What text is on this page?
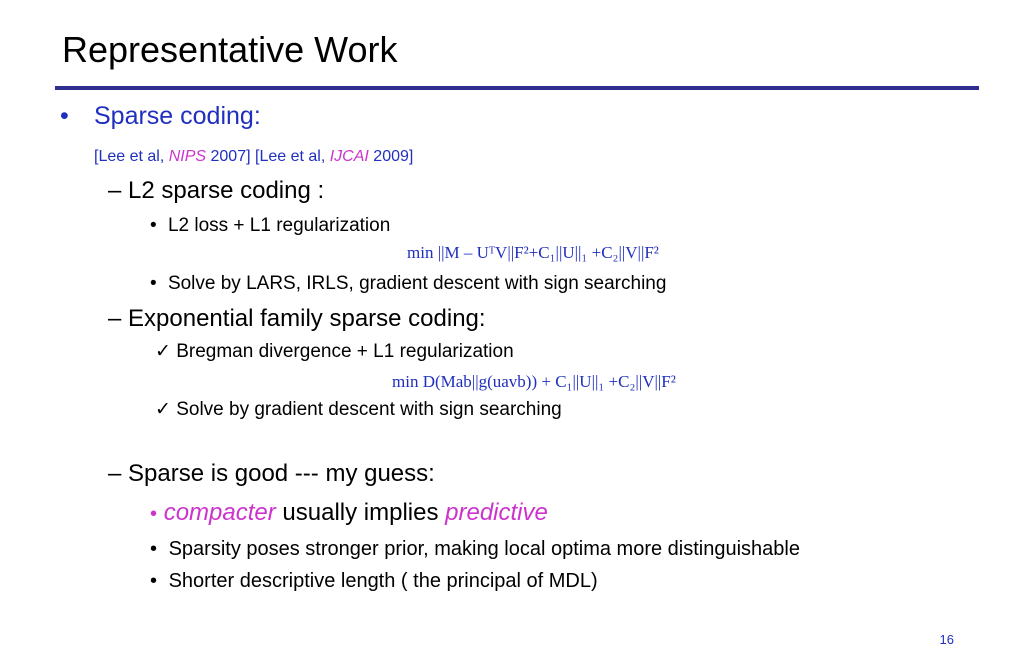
Representative Work
• Sparse coding:
[Lee et al, NIPS 2007] [Lee et al, IJCAI 2009]
– L2 sparse coding :
• L2 loss + L1 regularization
min ||M – UᵀV||F²+C₁||U||₁ +C₂||V||F²
• Solve by LARS, IRLS, gradient descent with sign searching
– Exponential family sparse coding:
✓ Bregman divergence + L1 regularization
min D(Mab||g(uavb)) + C₁||U||₁ +C₂||V||F²
✓ Solve by gradient descent with sign searching
– Sparse is good --- my guess:
• compacter usually implies predictive
• Sparsity poses stronger prior, making local optima more distinguishable
• Shorter descriptive length ( the principal of MDL)
16
